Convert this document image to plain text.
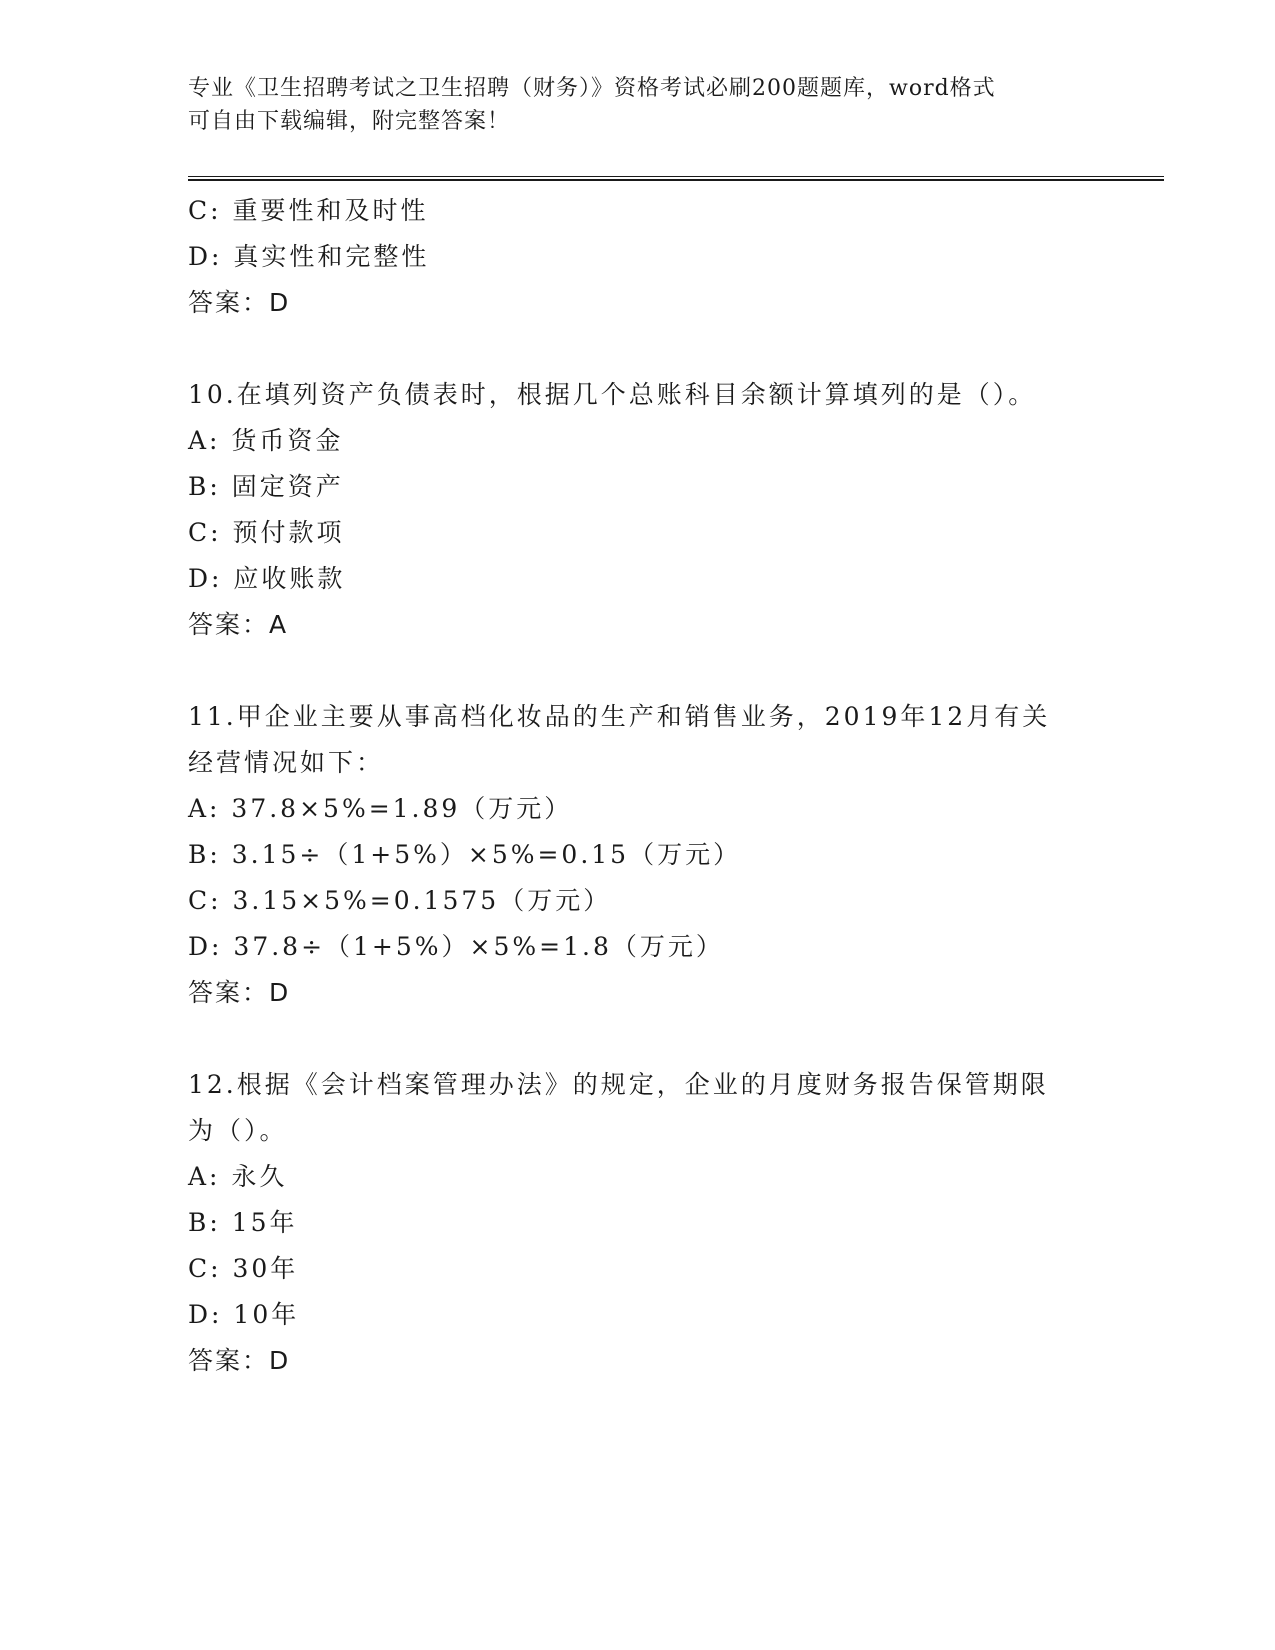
专业《卫生招聘考试之卫生招聘（财务）》资格考试必刷200题题库，word格式
可自由下载编辑，附完整答案！
C: 重要性和及时性
D: 真实性和完整性
答案：D
10.在填列资产负债表时，根据几个总账科目余额计算填列的是（）。
A: 货币资金
B: 固定资产
C: 预付款项
D: 应收账款
答案：A
11.甲企业主要从事高档化妆品的生产和销售业务，2019年12月有关
经营情况如下：
A: 37.8×5%=1.89（万元）
B: 3.15÷（1+5%）×5%=0.15（万元）
C: 3.15×5%=0.1575（万元）
D: 37.8÷（1+5%）×5%=1.8（万元）
答案：D
12.根据《会计档案管理办法》的规定，企业的月度财务报告保管期限
为（）。
A: 永久
B: 15年
C: 30年
D: 10年
答案：D
